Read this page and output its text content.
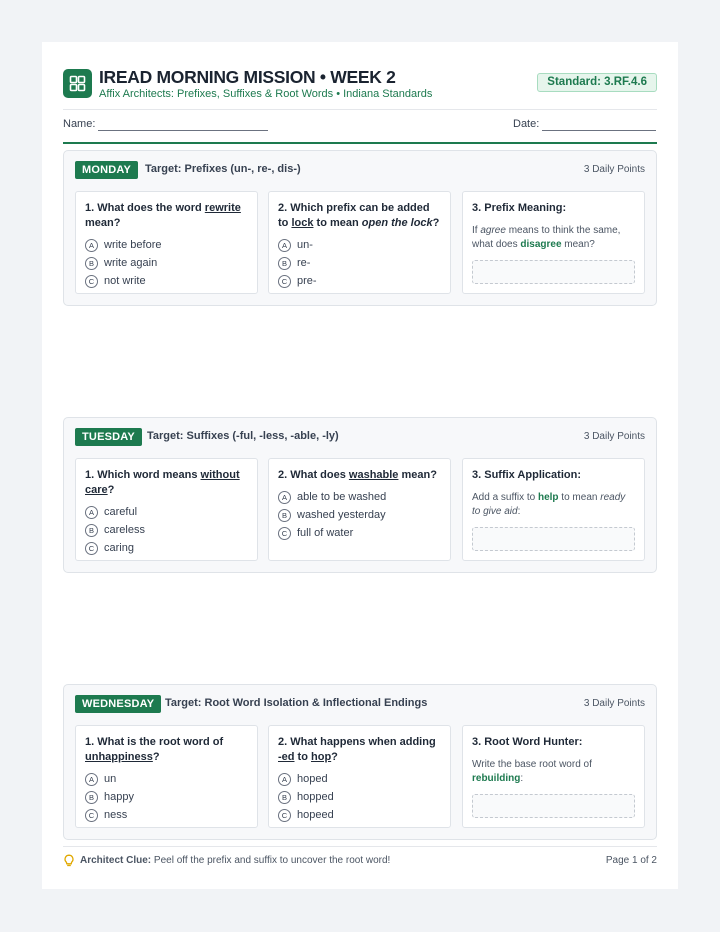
IREAD MORNING MISSION • WEEK 2
Affix Architects: Prefixes, Suffixes & Root Words • Indiana Standards
Standard: 3.RF.4.6
Name:	Date:
MONDAY	Target: Prefixes (un-, re-, dis-)	3 Daily Points
1. What does the word rewrite mean?
A write before
B write again
C not write
2. Which prefix can be added to lock to mean open the lock?
A un-
B re-
C pre-
3. Prefix Meaning:
If agree means to think the same, what does disagree mean?
TUESDAY	Target: Suffixes (-ful, -less, -able, -ly)	3 Daily Points
1. Which word means without care?
A careful
B careless
C caring
2. What does washable mean?
A able to be washed
B washed yesterday
C full of water
3. Suffix Application:
Add a suffix to help to mean ready to give aid:
WEDNESDAY Target: Root Word Isolation & Inflectional Endings	3 Daily Points
1. What is the root word of unhappiness?
A un
B happy
C ness
2. What happens when adding -ed to hop?
A hoped
B hopped
C hopeed
3. Root Word Hunter:
Write the base root word of rebuilding:
Architect Clue: Peel off the prefix and suffix to uncover the root word!	Page 1 of 2
